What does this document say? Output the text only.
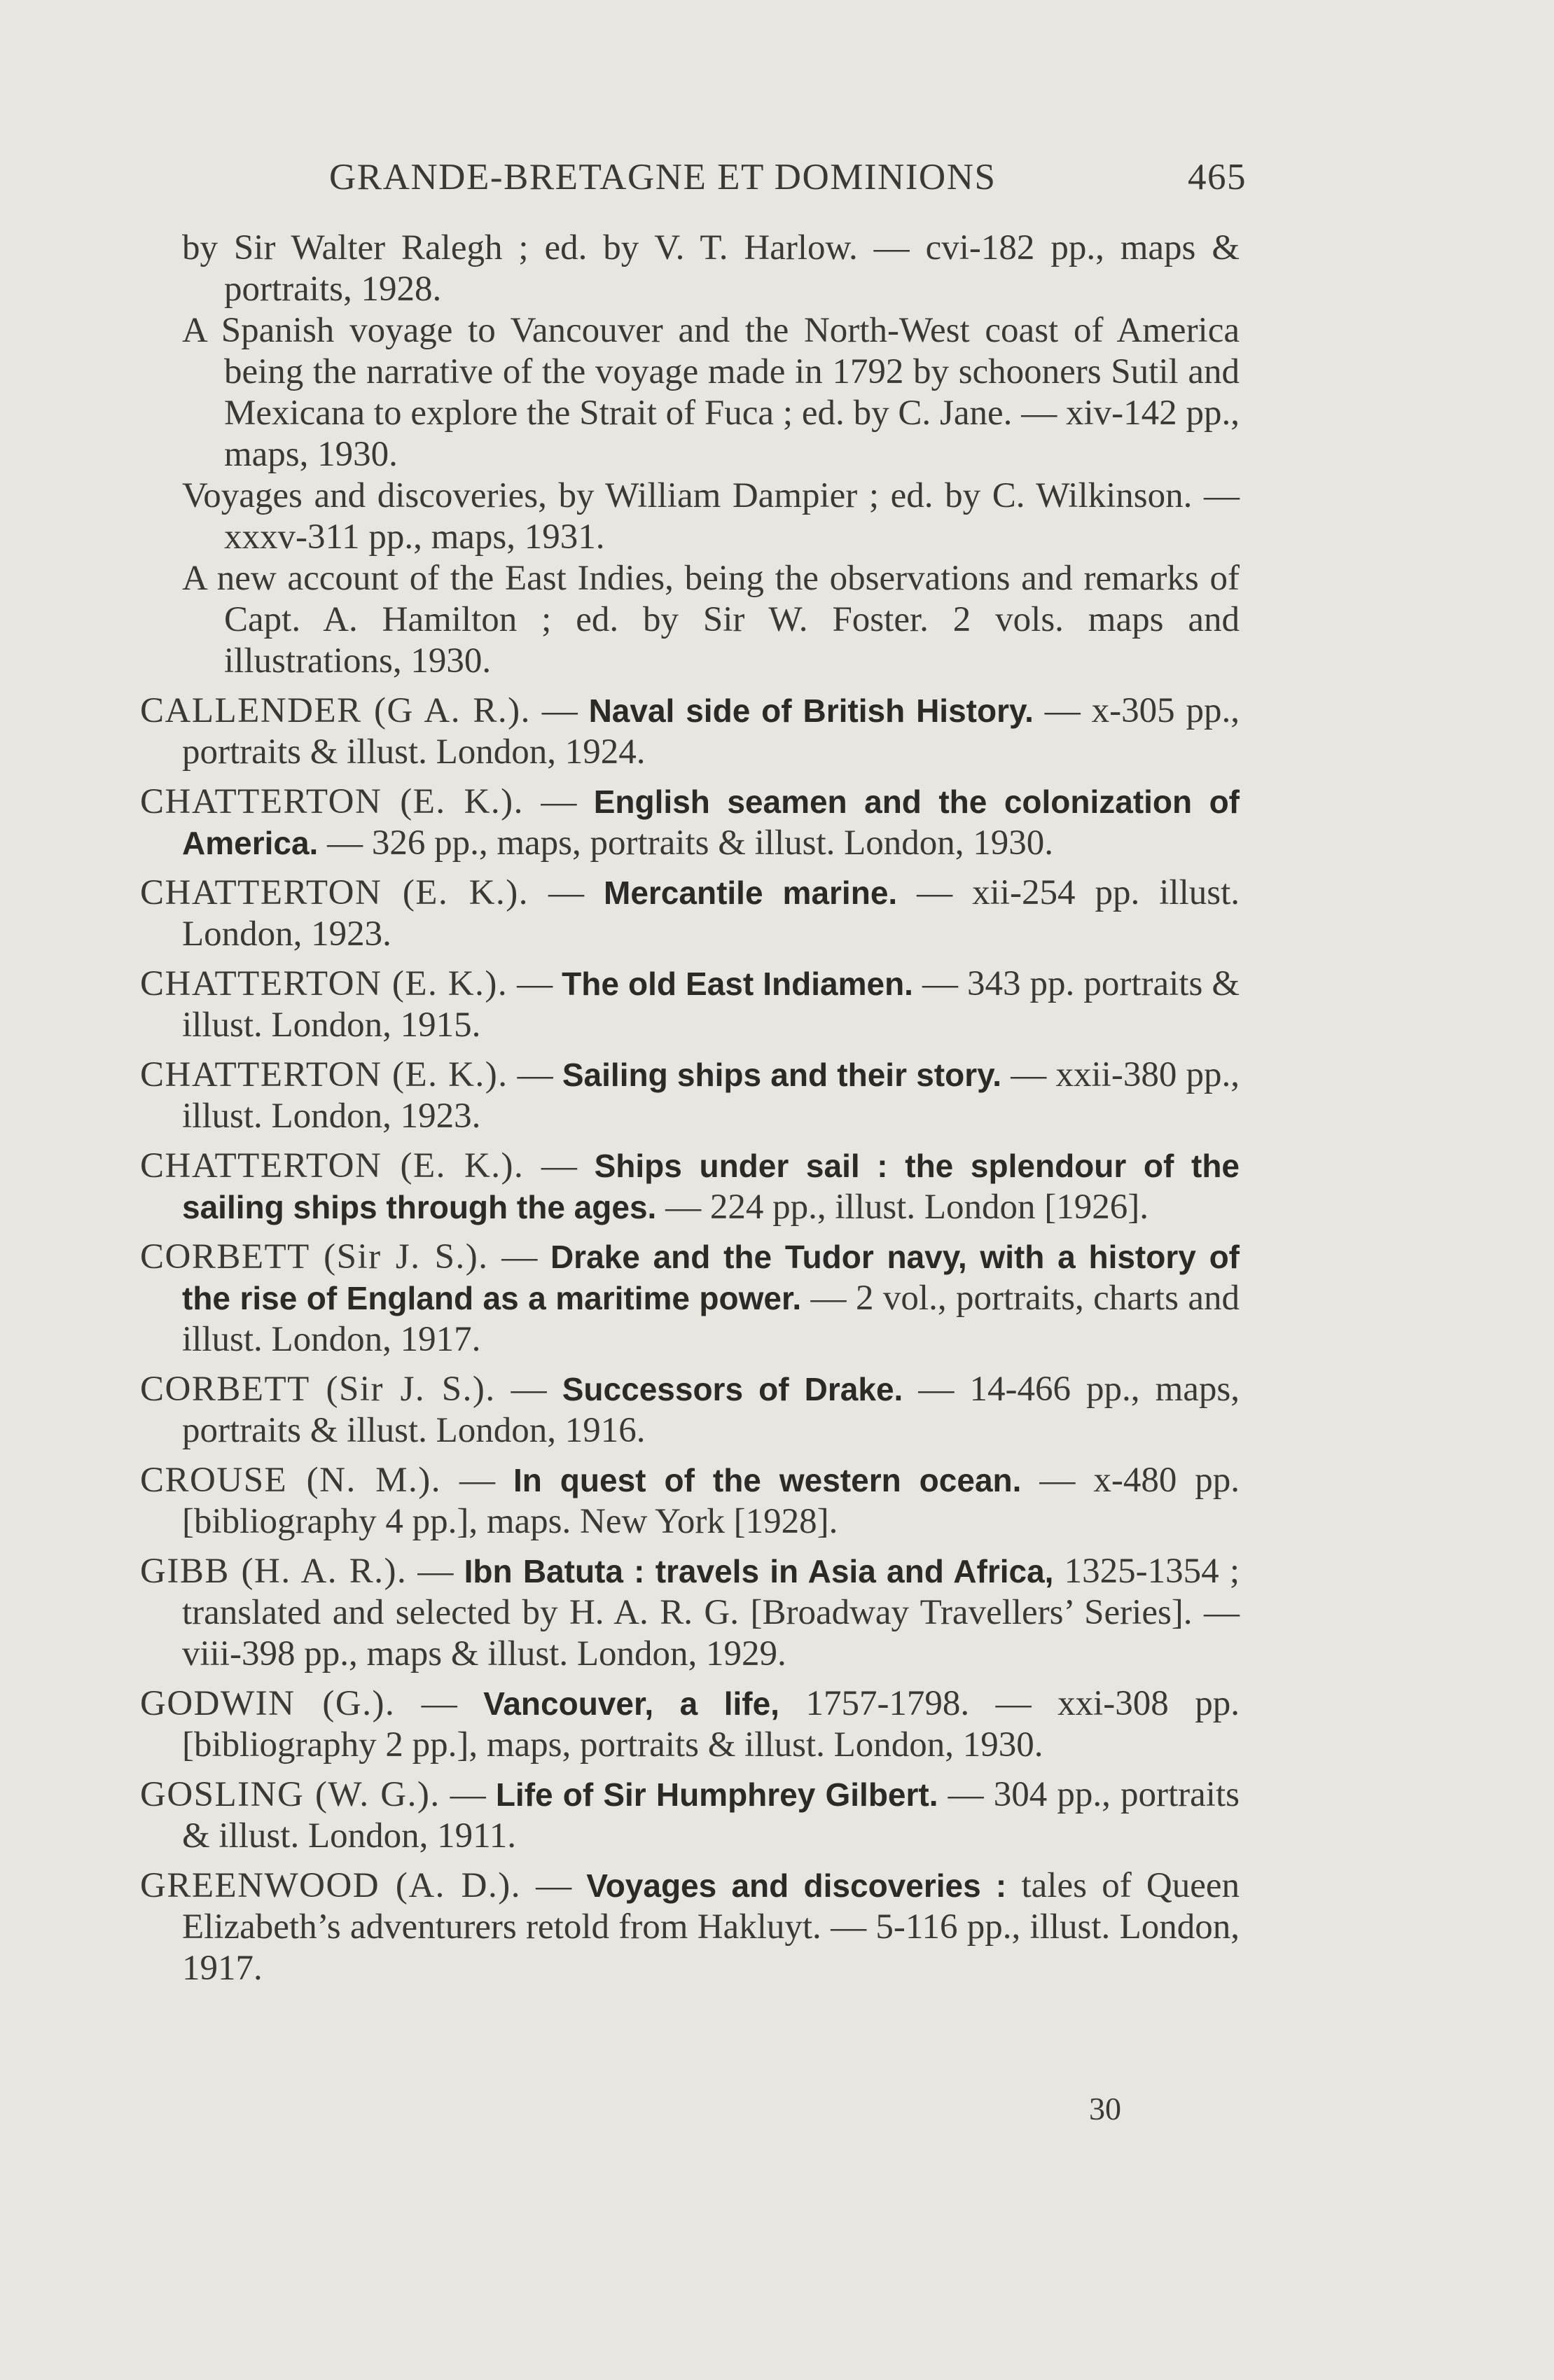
GRANDE-BRETAGNE ET DOMINIONS	465

by Sir Walter Ralegh ; ed. by V. T. Harlow. — cvi-182 pp., maps & portraits, 1928.

A Spanish voyage to Vancouver and the North-West coast of America being the narrative of the voyage made in 1792 by schooners Sutil and Mexicana to explore the Strait of Fuca ; ed. by C. Jane. — xiv-142 pp., maps, 1930.

Voyages and discoveries, by William Dampier ; ed. by C. Wilkinson. — xxxv-311 pp., maps, 1931.

A new account of the East Indies, being the observations and remarks of Capt. A. Hamilton ; ed. by Sir W. Foster. 2 vols. maps and illustrations, 1930.

CALLENDER (G A. R.). — Naval side of British History. — x-305 pp., portraits & illust. London, 1924.

CHATTERTON (E. K.). — English seamen and the colonization of America. — 326 pp., maps, portraits & illust. London, 1930.

CHATTERTON (E. K.). — Mercantile marine. — xii-254 pp. illust. London, 1923.

CHATTERTON (E. K.). — The old East Indiamen. — 343 pp. portraits & illust. London, 1915.

CHATTERTON (E. K.). — Sailing ships and their story. — xxii-380 pp., illust. London, 1923.

CHATTERTON (E. K.). — Ships under sail : the splendour of the sailing ships through the ages. — 224 pp., illust. London [1926].

CORBETT (Sir J. S.). — Drake and the Tudor navy, with a history of the rise of England as a maritime power. — 2 vol., portraits, charts and illust. London, 1917.

CORBETT (Sir J. S.). — Successors of Drake. — 14-466 pp., maps, portraits & illust. London, 1916.

CROUSE (N. M.). — In quest of the western ocean. — x-480 pp. [bibliography 4 pp.], maps. New York [1928].

GIBB (H. A. R.). — Ibn Batuta : travels in Asia and Africa, 1325-1354 ; translated and selected by H. A. R. G. [Broadway Travellers’ Series]. — viii-398 pp., maps & illust. London, 1929.

GODWIN (G.). — Vancouver, a life, 1757-1798. — xxi-308 pp. [bibliography 2 pp.], maps, portraits & illust. London, 1930.

GOSLING (W. G.). — Life of Sir Humphrey Gilbert. — 304 pp., portraits & illust. London, 1911.

GREENWOOD (A. D.). — Voyages and discoveries : tales of Queen Elizabeth’s adventurers retold from Hakluyt. — 5-116 pp., illust. London, 1917.

30
